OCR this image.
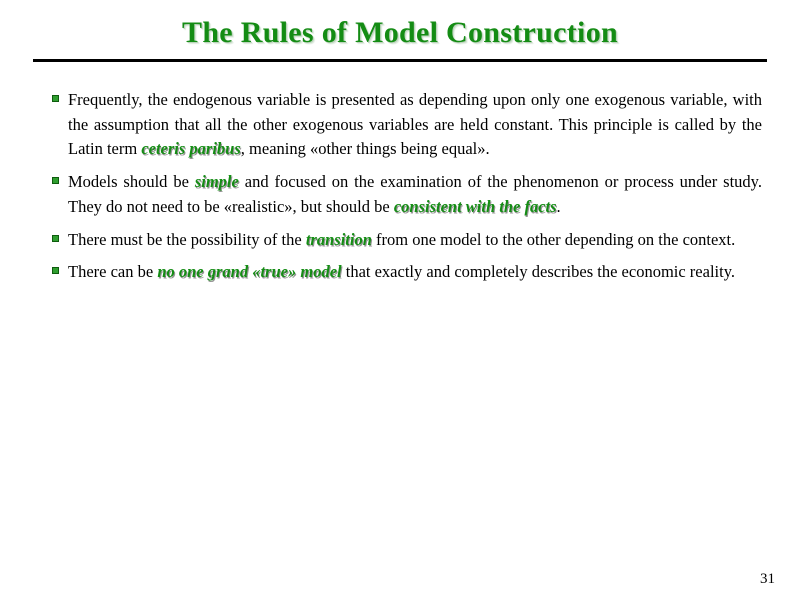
The Rules of Model Construction
Frequently, the endogenous variable is presented as depending upon only one exogenous variable, with the assumption that all the other exogenous variables are held constant. This principle is called by the Latin term ceteris paribus, meaning «other things being equal».
Models should be simple and focused on the examination of the phenomenon or process under study. They do not need to be «realistic», but should be consistent with the facts.
There must be the possibility of the transition from one model to the other depending on the context.
There can be no one grand «true» model that exactly and completely describes the economic reality.
31
